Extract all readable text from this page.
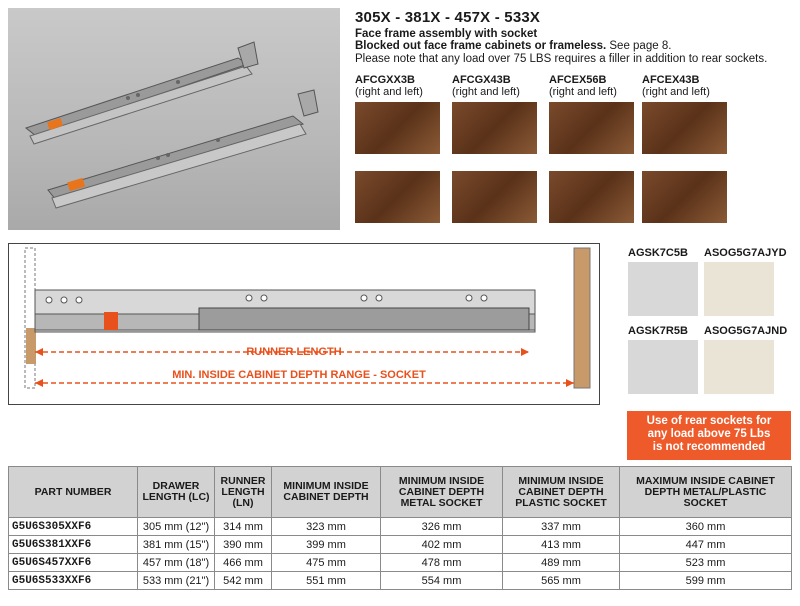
305X - 381X - 457X - 533X
Face frame assembly with socket
Blocked out face frame cabinets or frameless. See page 8.
Please note that any load over 75 LBS requires a filler in addition to rear sockets.
AFCGXX3B
(right and left)
AFCGX43B
(right and left)
AFCEX56B
(right and left)
AFCEX43B
(right and left)
RUNNER LENGTH
MIN. INSIDE CABINET DEPTH RANGE - SOCKET
AGSK7C5B ASOG5G7AJYD
AGSK7R5B ASOG5G7AJND
Use of rear sockets for
any load above 75 Lbs
is not recommended
PART NUMBER	DRAWER LENGTH (LC)	RUNNER LENGTH (LN)	MINIMUM INSIDE CABINET DEPTH	MINIMUM INSIDE CABINET DEPTH METAL SOCKET	MINIMUM INSIDE CABINET DEPTH PLASTIC SOCKET	MAXIMUM INSIDE CABINET DEPTH METAL/PLASTIC SOCKET
G5U6S305XXF6	305 mm (12")	314 mm	323 mm	326 mm	337 mm	360 mm
G5U6S381XXF6	381 mm (15")	390 mm	399 mm	402 mm	413 mm	447 mm
G5U6S457XXF6	457 mm (18")	466 mm	475 mm	478 mm	489 mm	523 mm
G5U6S533XXF6	533 mm (21")	542 mm	551 mm	554 mm	565 mm	599 mm
